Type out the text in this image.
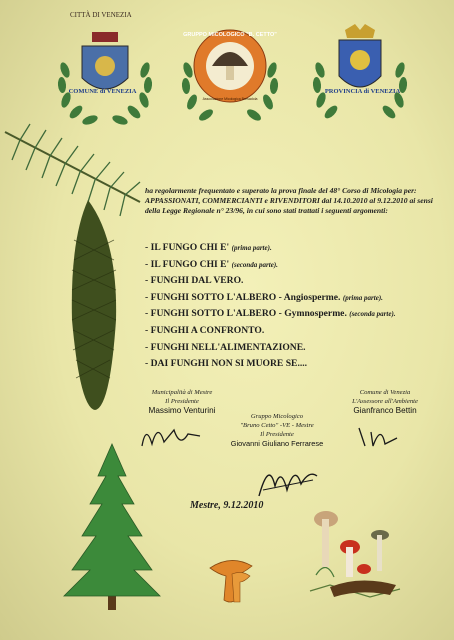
CITTÀ DI VENEZIA
COMUNE di VENEZIA
GRUPPO MICOLOGICO "B. CETTO"
Associazione Micologica Bresadola
PROVINCIA di VENEZIA
ha regolarmente frequentato e superato la prova finale del 48° Corso di Micologia per: APPASSIONATI, COMMERCIANTI e RIVENDITORI dal 14.10.2010 al 9.12.2010 ai sensi della Legge Regionale n° 23/96, in cui sono stati trattati i seguenti argomenti:
- IL FUNGO CHI E' (prima parte).
- IL FUNGO CHI E' (seconda parte).
- FUNGHI DAL VERO.
- FUNGHI SOTTO L'ALBERO - Angiosperme. (prima parte).
- FUNGHI SOTTO L'ALBERO - Gymnosperme. (seconda parte).
- FUNGHI A CONFRONTO.
- FUNGHI NELL'ALIMENTAZIONE.
- DAI FUNGHI NON SI MUORE SE....
Municipalità di Mestre
Il Presidente
Massimo Venturini
Gruppo Micologico
"Bruno Cetto" -VE - Mestre
Il Presidente
Giovanni Giuliano Ferrarese
Comune di Venezia
L'Assessore all'Ambiente
Gianfranco Bettin
Mestre, 9.12.2010
